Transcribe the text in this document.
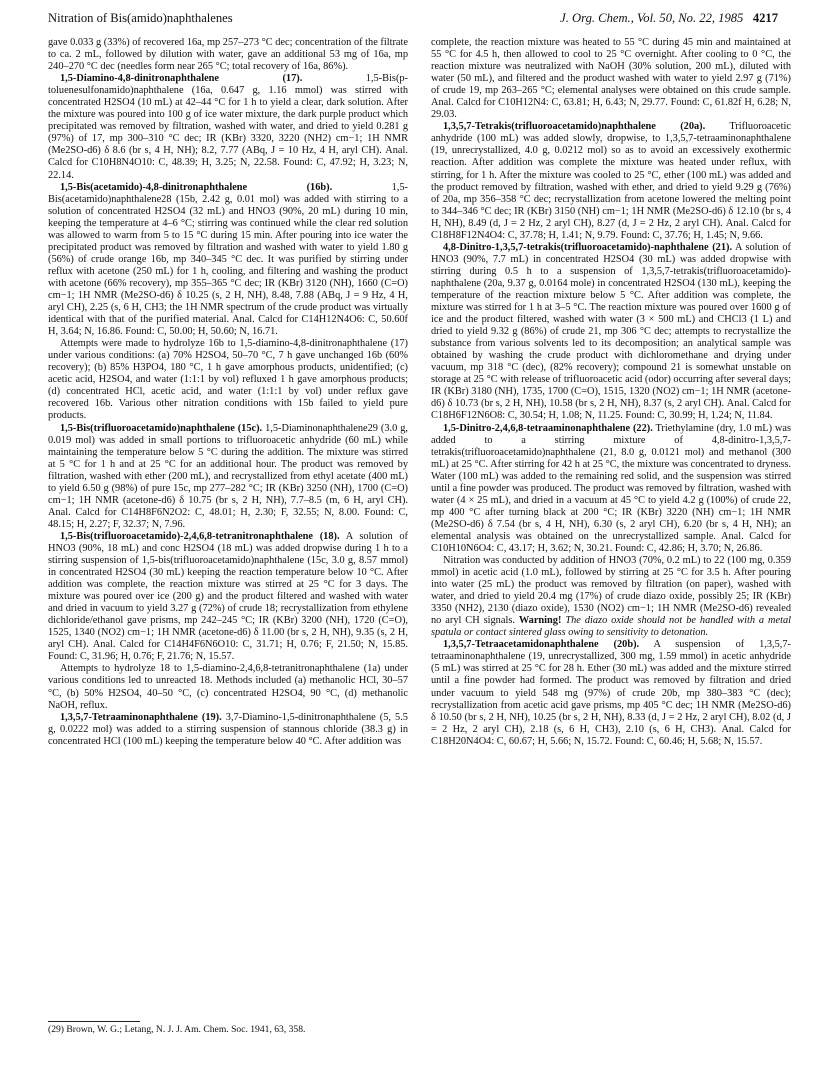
Nitration of Bis(amido)naphthalenes	J. Org. Chem., Vol. 50, No. 22, 1985 4217

gave 0.033 g (33%) of recovered 16a, mp 257–273 °C dec; concentration of the filtrate to ca. 2 mL, followed by dilution with water, gave an additional 53 mg of 16a, mp 240–270 °C dec (needles form near 265 °C; total recovery of 16a, 86%).

1,5-Diamino-4,8-dinitronaphthalene (17).	1,5-Bis(p-toluenesulfonamido)naphthalene (16a, 0.647 g, 1.16 mmol) was stirred with concentrated H2SO4 (10 mL) at 42–44 °C for 1 h to yield a clear, dark solution. After the mixture was poured into 100 g of ice water mixture, the dark purple product which precipitated was removed by filtration, washed with water, and dried to yield 0.281 g (97%) of 17, mp 300–310 °C dec; IR (KBr) 3320, 3220 (NH2) cm−1; 1H NMR (Me2SO-d6) δ 8.6 (br s, 4 H, NH); 8.2, 7.77 (ABq, J = 10 Hz, 4 H, aryl CH). Anal. Calcd for C10H8N4O10: C, 48.39; H, 3.25; N, 22.58. Found: C, 47.92; H, 3.23; N, 22.14.

1,5-Bis(acetamido)-4,8-dinitronaphthalene (16b).	1,5-Bis(acetamido)naphthalene28 (15b, 2.42 g, 0.01 mol) was added with stirring to a solution of concentrated H2SO4 (32 mL) and HNO3 (90%, 20 mL) during 10 min, keeping the temperature at 4–6 °C; stirring was continued while the clear red solution was allowed to warm from 5 to 15 °C during 15 min. After pouring into ice water the precipitated product was removed by filtration and washed with water to yield 1.80 g (56%) of crude orange 16b, mp 340–345 °C dec. It was purified by stirring under reflux with acetone (250 mL) for 1 h, cooling, and filtering and washing the product with acetone (66% recovery), mp 355–365 °C dec; IR (KBr) 3120 (NH), 1660 (C=O) cm−1; 1H NMR (Me2SO-d6) δ 10.25 (s, 2 H, NH), 8.48, 7.88 (ABq, J = 9 Hz, 4 H, aryl CH), 2.25 (s, 6 H, CH3; the 1H NMR spectrum of the crude product was virtually identical with that of the purified material. Anal. Calcd for C14H12N4O6: C, 50.60f H, 3.64; N, 16.86. Found: C, 50.00; H, 50.60; N, 16.71.

Attempts were made to hydrolyze 16b to 1,5-diamino-4,8-dinitronaphthalene (17) under various conditions: (a) 70% H2SO4, 50–70 °C, 7 h gave unchanged 16b (60% recovery); (b) 85% H3PO4, 180 °C, 1 h gave amorphous products, unidentified; (c) acetic acid, H2SO4, and water (1:1:1 by vol) refluxed 1 h gave amorphous products; (d) concentrated HCl, acetic acid, and water (1:1:1 by vol) under reflux gave recovered 16b. Various other nitration conditions with 15b failed to yield pure products.

1,5-Bis(trifluoroacetamido)naphthalene (15c). 1,5-Diaminonaphthalene29 (3.0 g, 0.019 mol) was added in small portions to trifluoroacetic anhydride (60 mL) while maintaining the temperature below 5 °C during the addition. The mixture was stirred at 5 °C for 1 h and at 25 °C for an additional hour. The product was removed by filtration, washed with ether (200 mL), and recrystallized from ethyl acetate (400 mL) to yield 6.50 g (98%) of pure 15c, mp 277–282 °C; IR (KBr) 3250 (NH), 1700 (C=O) cm−1; 1H NMR (acetone-d6) δ 10.75 (br s, 2 H, NH), 7.7–8.5 (m, 6 H, aryl CH). Anal. Calcd for C14H8F6N2O2: C, 48.01; H, 2.30; F, 32.55; N, 8.00. Found: C, 48.15; H, 2.27; F, 32.37; N, 7.96.

1,5-Bis(trifluoroacetamido)-2,4,6,8-tetranitronaphthalene (18). A solution of HNO3 (90%, 18 mL) and conc H2SO4 (18 mL) was added dropwise during 1 h to a stirring suspension of 1,5-bis(trifluoroacetamido)naphthalene (15c, 3.0 g, 8.57 mmol) in concentrated H2SO4 (30 mL) keeping the reaction temperature below 10 °C. After addition was complete, the reaction mixture was stirred at 25 °C for 3 days. The mixture was poured over ice (200 g) and the product filtered and washed with water and dried in vacuum to yield 3.27 g (72%) of crude 18; recrystallization from ethylene dichloride/ethanol gave prisms, mp 242–245 °C; IR (KBr) 3200 (NH), 1720 (C=O), 1525, 1340 (NO2) cm−1; 1H NMR (acetone-d6) δ 11.00 (br s, 2 H, NH), 9.35 (s, 2 H, aryl CH). Anal. Calcd for C14H4F6N6O10: C, 31.71; H, 0.76; F, 21.50; N, 15.85. Found: C, 31.96; H, 0.76; F, 21.76; N, 15.57.

Attempts to hydrolyze 18 to 1,5-diamino-2,4,6,8-tetranitronaphthalene (1a) under various conditions led to unreacted 18. Methods included (a) methanolic HCl, 30–57 °C, (b) 50% H2SO4, 40–50 °C, (c) concentrated H2SO4, 90 °C, (d) methanolic NaOH, reflux.

1,3,5,7-Tetraaminonaphthalene (19). 3,7-Diamino-1,5-dinitronaphthalene (5, 5.5 g, 0.0222 mol) was added to a stirring suspension of stannous chloride (38.3 g) in concentrated HCl (100 mL) keeping the temperature below 40 °C. After addition was

(29) Brown, W. G.; Letang, N. J. J. Am. Chem. Soc. 1941, 63, 358.

complete, the reaction mixture was heated to 55 °C during 45 min and maintained at 55 °C for 4.5 h, then allowed to cool to 25 °C overnight. After cooling to 0 °C, the reaction mixture was neutralized with NaOH (30% solution, 200 mL), diluted with water (50 mL), and filtered and the product washed with water to yield 2.97 g (71%) of crude 19, mp 263–265 °C; elemental analyses were obtained on this crude sample. Anal. Calcd for C10H12N4: C, 63.81; H, 6.43; N, 29.77. Found: C, 61.82f H, 6.28; N, 29.03.

1,3,5,7-Tetrakis(trifluoroacetamido)naphthalene (20a). Trifluoroacetic anhydride (100 mL) was added slowly, dropwise, to 1,3,5,7-tetraaminonaphthalene (19, unrecrystallized, 4.0 g, 0.0212 mol) so as to avoid an excessively exothermic reaction. After addition was complete the mixture was heated under reflux, with stirring, for 1 h. After the mixture was cooled to 25 °C, ether (100 mL) was added and the product removed by filtration, washed with ether, and dried to yield 9.29 g (76%) of 20a, mp 356–358 °C dec; recrystallization from acetone lowered the melting point to 344–346 °C dec; IR (KBr) 3150 (NH) cm−1; 1H NMR (Me2SO-d6) δ 12.10 (br s, 4 H, NH), 8.49 (d, J = 2 Hz, 2 aryl CH), 8.27 (d, J = 2 Hz, 2 aryl CH). Anal. Calcd for C18H8F12N4O4: C, 37.78; H, 1.41; N, 9.79. Found: C, 37.76; H, 1.45; N, 9.66.

4,8-Dinitro-1,3,5,7-tetrakis(trifluoroacetamido)-naphthalene (21). A solution of HNO3 (90%, 7.7 mL) in concentrated H2SO4 (30 mL) was added dropwise with stirring during 0.5 h to a suspension of 1,3,5,7-tetrakis(trifluoroacetamido)-naphthalene (20a, 9.37 g, 0.0164 mole) in concentrated H2SO4 (130 mL), keeping the temperature of the reaction mixture below 5 °C. After addition was complete, the mixture was stirred for 1 h at 3–5 °C. The reaction mixture was poured over 1600 g of ice and the product filtered, washed with water (3 × 500 mL) and CHCl3 (1 L) and dried to yield 9.32 g (86%) of crude 21, mp 306 °C dec; attempts to recrystallize the substance from various solvents led to its decomposition; an analytical sample was obtained by washing the crude product with dichloromethane and drying under vacuum, mp 318 °C (dec), (82% recovery); compound 21 is somewhat unstable on storage at 25 °C with release of trifluoroacetic acid (odor) occurring after several days; IR (KBr) 3180 (NH), 1735, 1700 (C=O), 1515, 1320 (NO2) cm−1; 1H NMR (acetone-d6) δ 10.73 (br s, 2 H, NH), 10.58 (br s, 2 H, NH), 8.37 (s, 2 aryl CH). Anal. Calcd for C18H6F12N6O8: C, 30.54; H, 1.08; N, 11.25. Found: C, 30.99; H, 1.24; N, 11.84.

1,5-Dinitro-2,4,6,8-tetraaminonaphthalene (22). Triethylamine (dry, 1.0 mL) was added to a stirring mixture of 4,8-dinitro-1,3,5,7-tetrakis(trifluoroacetamido)naphthalene (21, 8.0 g, 0.0121 mol) and methanol (300 mL) at 25 °C. After stirring for 42 h at 25 °C, the mixture was concentrated to dryness. Water (100 mL) was added to the remaining red solid, and the suspension was stirred until a fine powder was produced. The product was removed by filtration, washed with water (4 × 25 mL), and dried in a vacuum at 45 °C to yield 4.2 g (100%) of crude 22, mp 400 °C after turning black at 200 °C; IR (KBr) 3220 (NH) cm−1; 1H NMR (Me2SO-d6) δ 7.54 (br s, 4 H, NH), 6.30 (s, 2 aryl CH), 6.20 (br s, 4 H, NH); an elemental analysis was obtained on the unrecrystallized sample. Anal. Calcd for C10H10N6O4: C, 43.17; H, 3.62; N, 30.21. Found: C, 42.86; H, 3.70; N, 26.86.

Nitration was conducted by addition of HNO3 (70%, 0.2 mL) to 22 (100 mg, 0.359 mmol) in acetic acid (1.0 mL), followed by stirring at 25 °C for 3.5 h. After pouring into water (25 mL) the product was removed by filtration (on paper), washed with water, and dried to yield 20.4 mg (17%) of crude diazo oxide, possibly 25; IR (KBr) 3350 (NH2), 2130 (diazo oxide), 1530 (NO2) cm−1; 1H NMR (Me2SO-d6) revealed no aryl CH signals. Warning! The diazo oxide should not be handled with a metal spatula or contact sintered glass owing to sensitivity to detonation.

1,3,5,7-Tetraacetamidonaphthalene (20b). A suspension of 1,3,5,7-tetraaminonaphthalene (19, unrecrystallized, 300 mg, 1.59 mmol) in acetic anhydride (5 mL) was stirred at 25 °C for 28 h. Ether (30 mL) was added and the mixture stirred until a fine powder had formed. The product was removed by filtration and dried under vacuum to yield 548 mg (97%) of crude 20b, mp 380–383 °C (dec); recrystallization from acetic acid gave prisms, mp 405 °C dec; 1H NMR (Me2SO-d6) δ 10.50 (br s, 2 H, NH), 10.25 (br s, 2 H, NH), 8.33 (d, J = 2 Hz, 2 aryl CH), 8.02 (d, J = 2 Hz, 2 aryl CH), 2.18 (s, 6 H, CH3), 2.10 (s, 6 H, CH3). Anal. Calcd for C18H20N4O4: C, 60.67; H, 5.66; N, 15.72. Found: C, 60.46; H, 5.68; N, 15.57.
